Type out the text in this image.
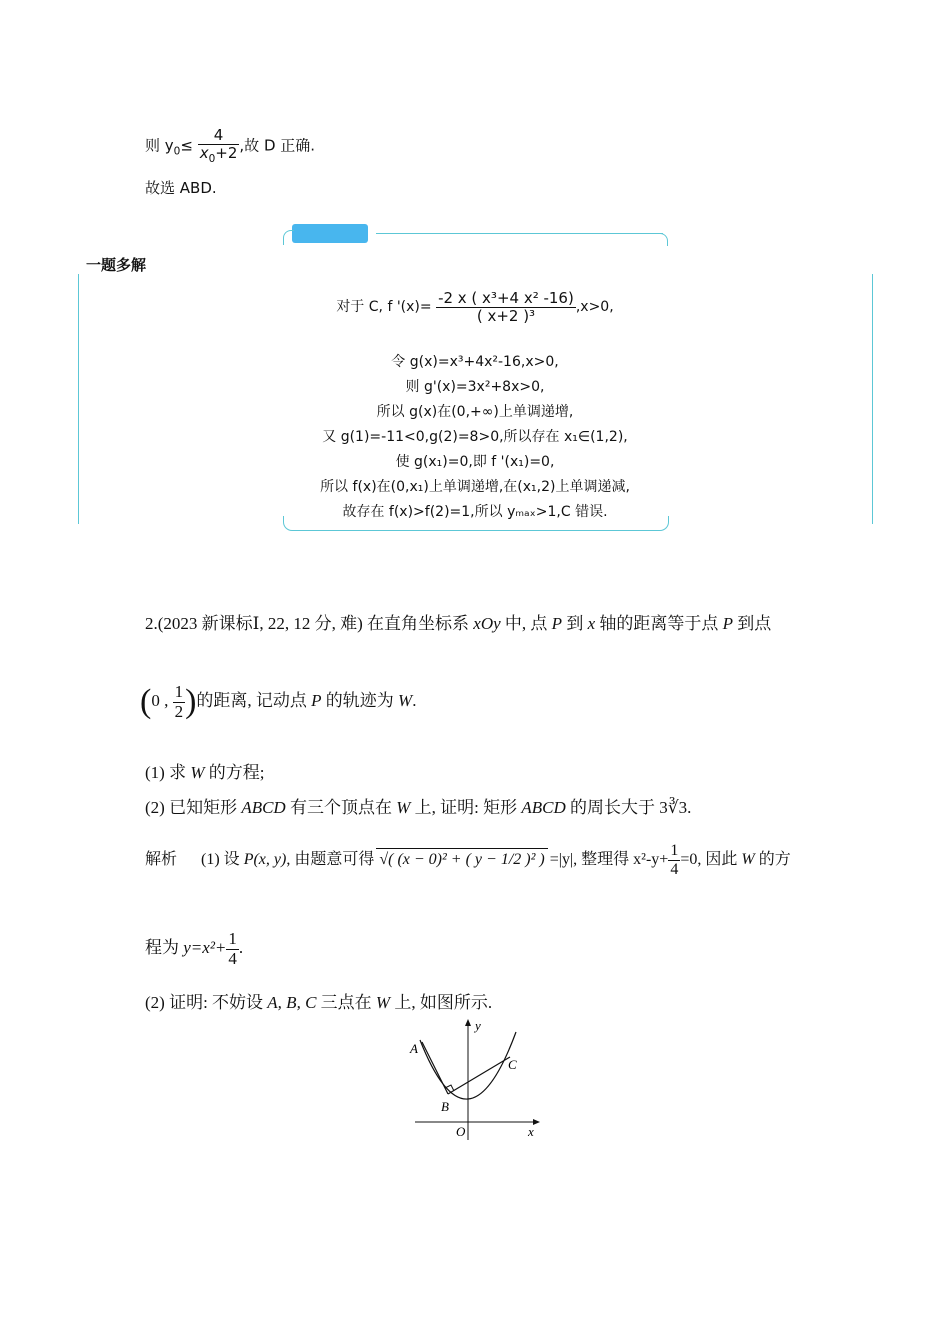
则 $y_0\le \frac{4}{x_0+2}$ ,故 D 正确.
故选 ABD.
一题多解
对于 C, f '$(x)= \frac{\text{-2 x ( x³+4 x² -16)}}{\text{( x+2 )³}} ,x>0$,
令 g(x)=x³+4x²-16,x>0,
则 g'(x)=3x²+8x>0,
所以 g(x)在(0,+∞)上单调递增,
又 g(1)=-11<0,g(2)=8>0,所以存在 x₁∈(1,2),
使 g(x₁)=0,即 f '(x₁)=0,
所以 f(x)在(0,x₁)上单调递增,在(x₁,2)上单调递减,
故存在 f(x)>f(2)=1,所以 yₘₐₓ>1,C 错误.
2.(2023 新课标Ⅰ, 22, 12 分, 难) 在直角坐标系 xOy 中, 点 P 到 x 轴的距离等于点 P 到点
(0 , $\frac{1}{2}$ )的距离, 记动点 P 的轨迹为 W.
(1) 求 W 的方程;
(2) 已知矩形 ABCD 有三个顶点在 W 上, 证明: 矩形 ABCD 的周长大于 3∛3.
解析 (1) 设 P(x, y), 由题意可得 √( (x − 0)² + ( y − 1/2 )² ) =|y|, 整理得 $x^2-y+ \frac{1}{4} =0$, 因此 W 的方
程为 $y=x^2+ \frac{1}{4}$ .
(2) 证明: 不妨设 A, B, C 三点在 W 上, 如图所示.
A
B
C
O	x
y
